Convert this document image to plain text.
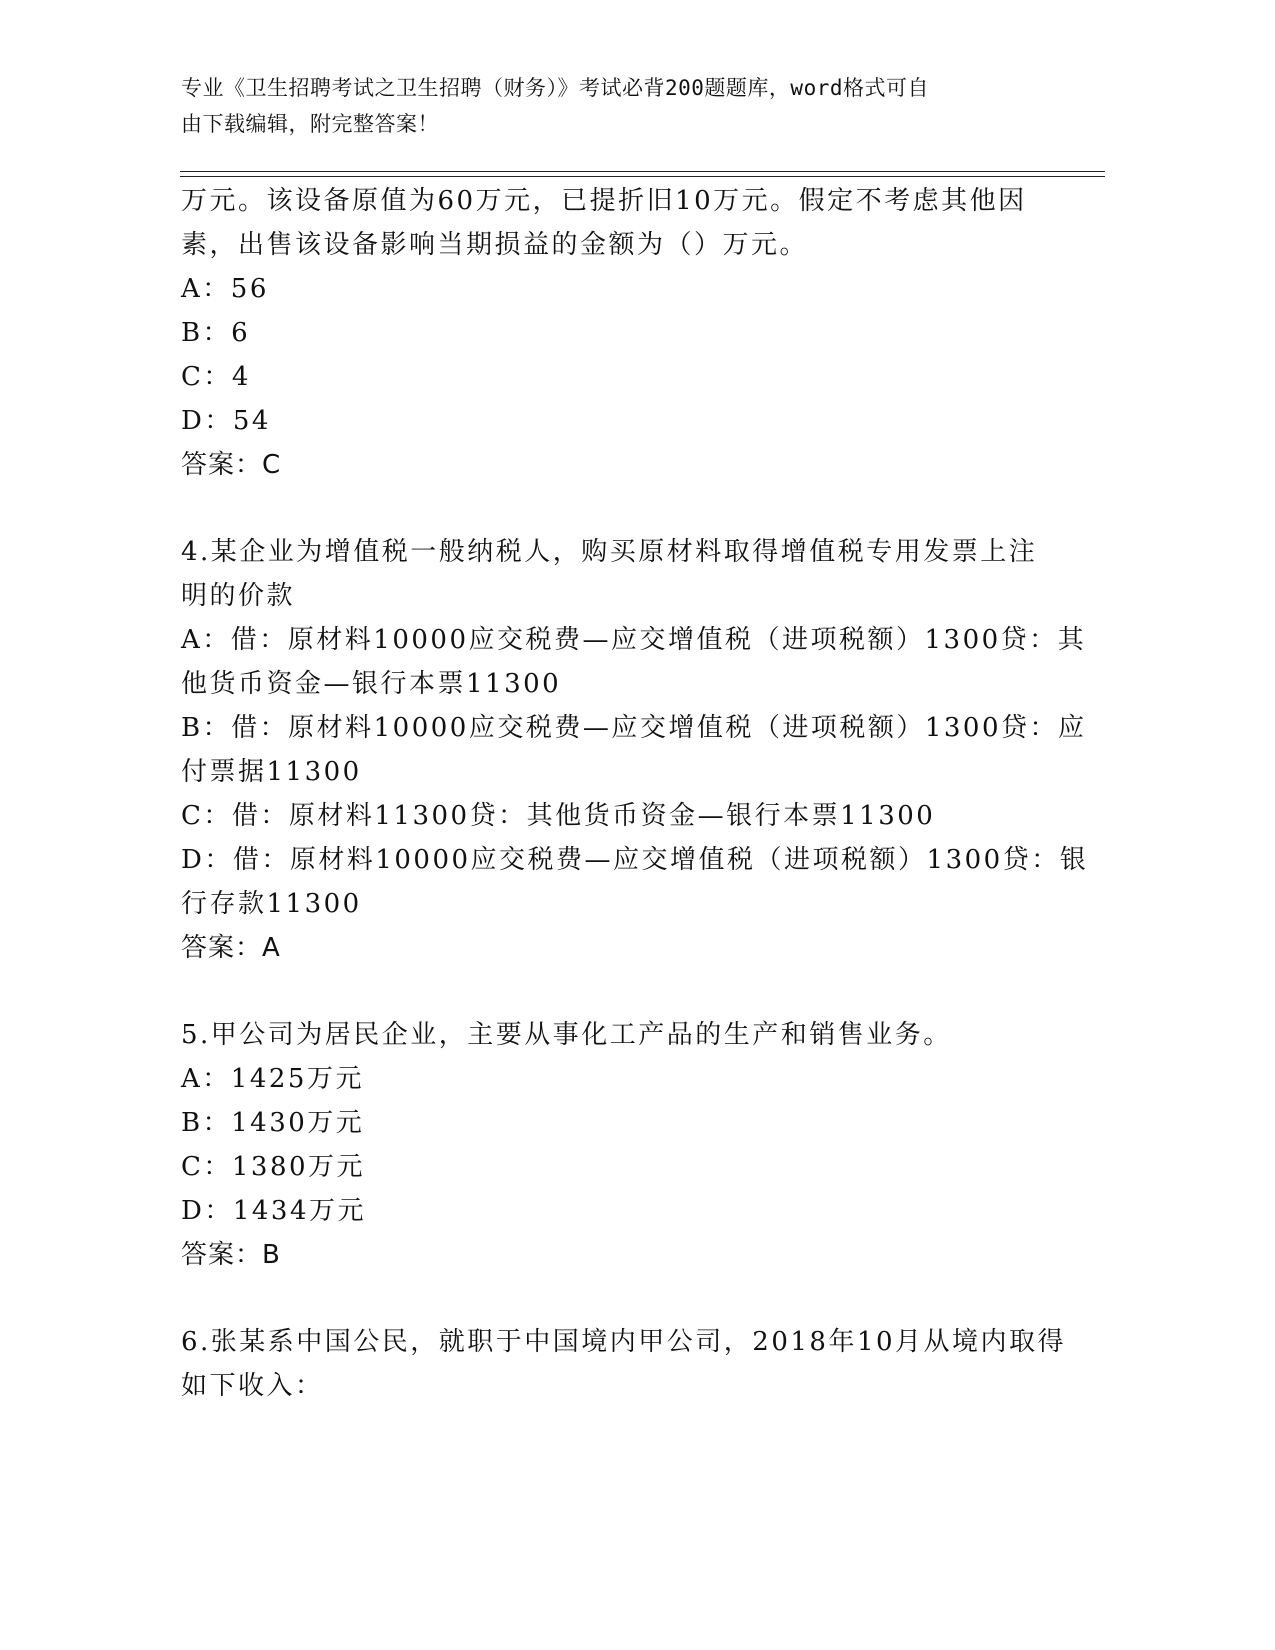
专业《卫生招聘考试之卫生招聘（财务）》考试必背200题题库，word格式可自
由下载编辑，附完整答案！
万元。该设备原值为60万元，已提折旧10万元。假定不考虑其他因
素，出售该设备影响当期损益的金额为（）万元。
A：56
B：6
C：4
D：54
答案：C
4.某企业为增值税一般纳税人，购买原材料取得增值税专用发票上注
明的价款
A：借：原材料10000应交税费—应交增值税（进项税额）1300贷：其
他货币资金—银行本票11300
B：借：原材料10000应交税费—应交增值税（进项税额）1300贷：应
付票据11300
C：借：原材料11300贷：其他货币资金—银行本票11300
D：借：原材料10000应交税费—应交增值税（进项税额）1300贷：银
行存款11300
答案：A
5.甲公司为居民企业，主要从事化工产品的生产和销售业务。
A：1425万元
B：1430万元
C：1380万元
D：1434万元
答案：B
6.张某系中国公民，就职于中国境内甲公司，2018年10月从境内取得
如下收入：
